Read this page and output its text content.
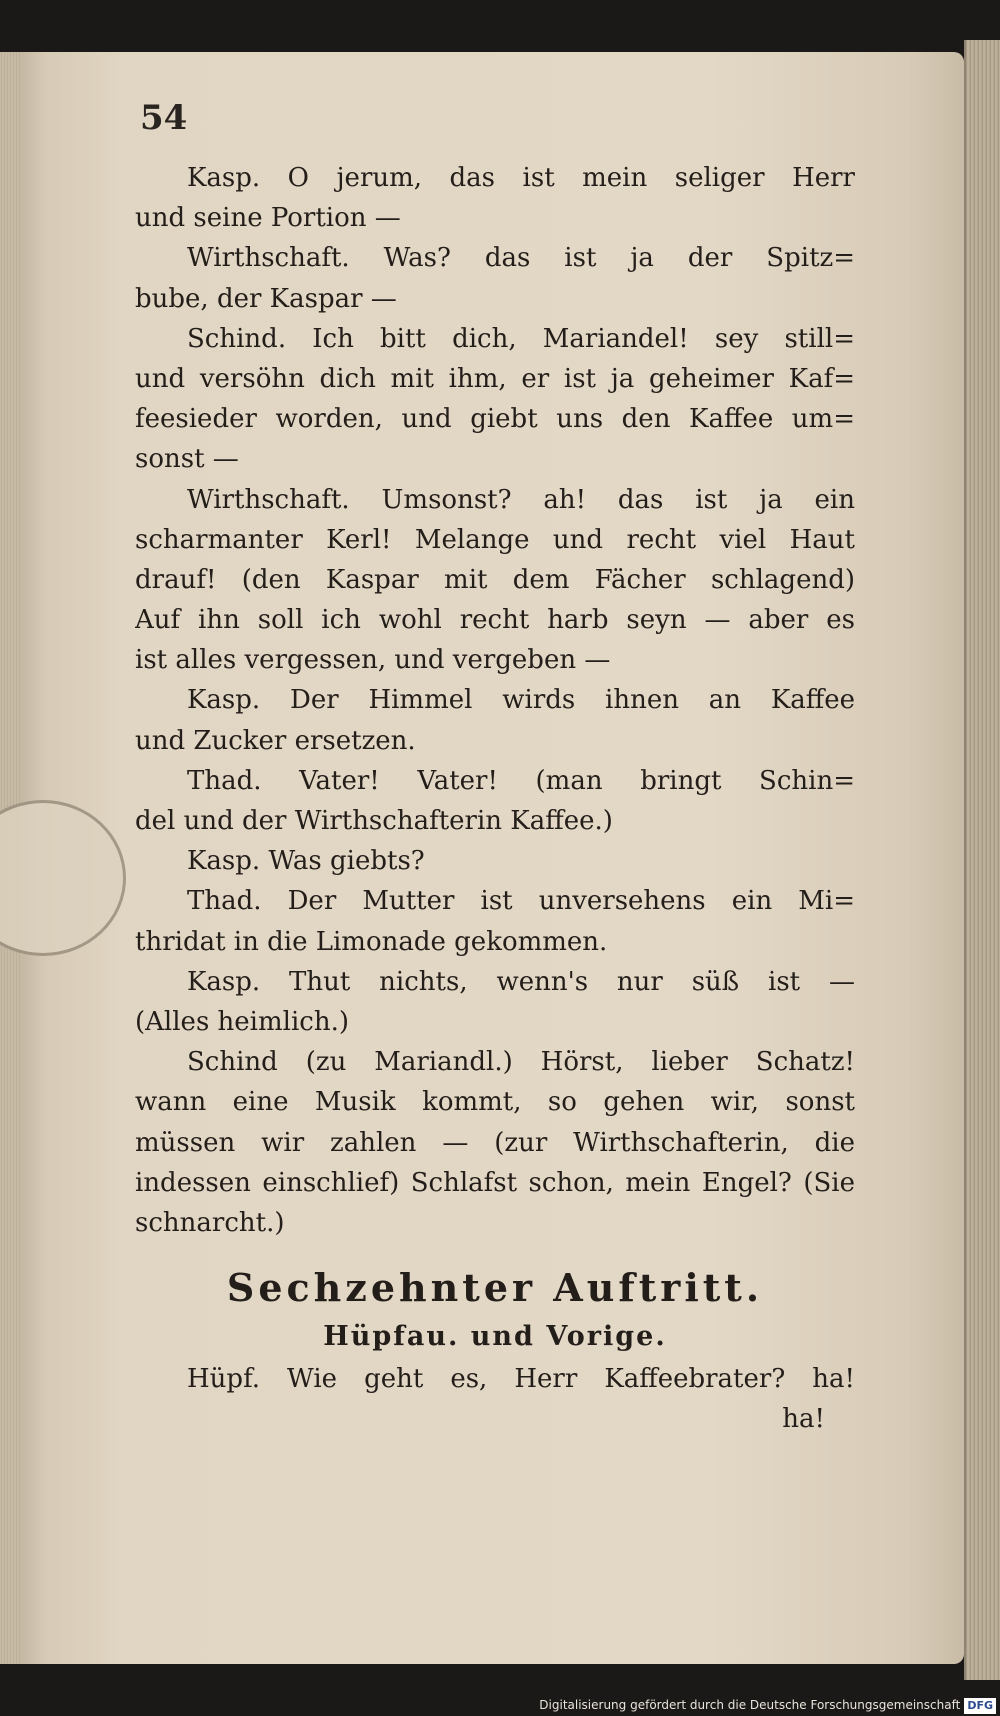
54
Kasp. O jerum, das ist mein seliger Herr
und seine Portion —
Wirthschaft. Was? das ist ja der Spitz=
bube, der Kaspar —
Schind. Ich bitt dich, Mariandel! sey still=
und versöhn dich mit ihm, er ist ja geheimer Kaf=
feesieder worden, und giebt uns den Kaffee um=
sonst —
Wirthschaft. Umsonst? ah! das ist ja ein
scharmanter Kerl! Melange und recht viel Haut
drauf! (den Kaspar mit dem Fächer schlagend)
Auf ihn soll ich wohl recht harb seyn — aber es
ist alles vergessen, und vergeben —
Kasp. Der Himmel wirds ihnen an Kaffee
und Zucker ersetzen.
Thad. Vater! Vater! (man bringt Schin=
del und der Wirthschafterin Kaffee.)
Kasp. Was giebts?
Thad. Der Mutter ist unversehens ein Mi=
thridat in die Limonade gekommen.
Kasp. Thut nichts, wenn's nur süß ist —
(Alles heimlich.)
Schind (zu Mariandl.) Hörst, lieber Schatz!
wann eine Musik kommt, so gehen wir, sonst
müssen wir zahlen — (zur Wirthschafterin, die
indessen einschlief) Schlafst schon, mein Engel? (Sie
schnarcht.)
Sechzehnter Auftritt.
Hüpfau. und Vorige.
Hüpf. Wie geht es, Herr Kaffeebrater? ha!
ha!
Digitalisierung gefördert durch die Deutsche Forschungsgemeinschaft DFG
